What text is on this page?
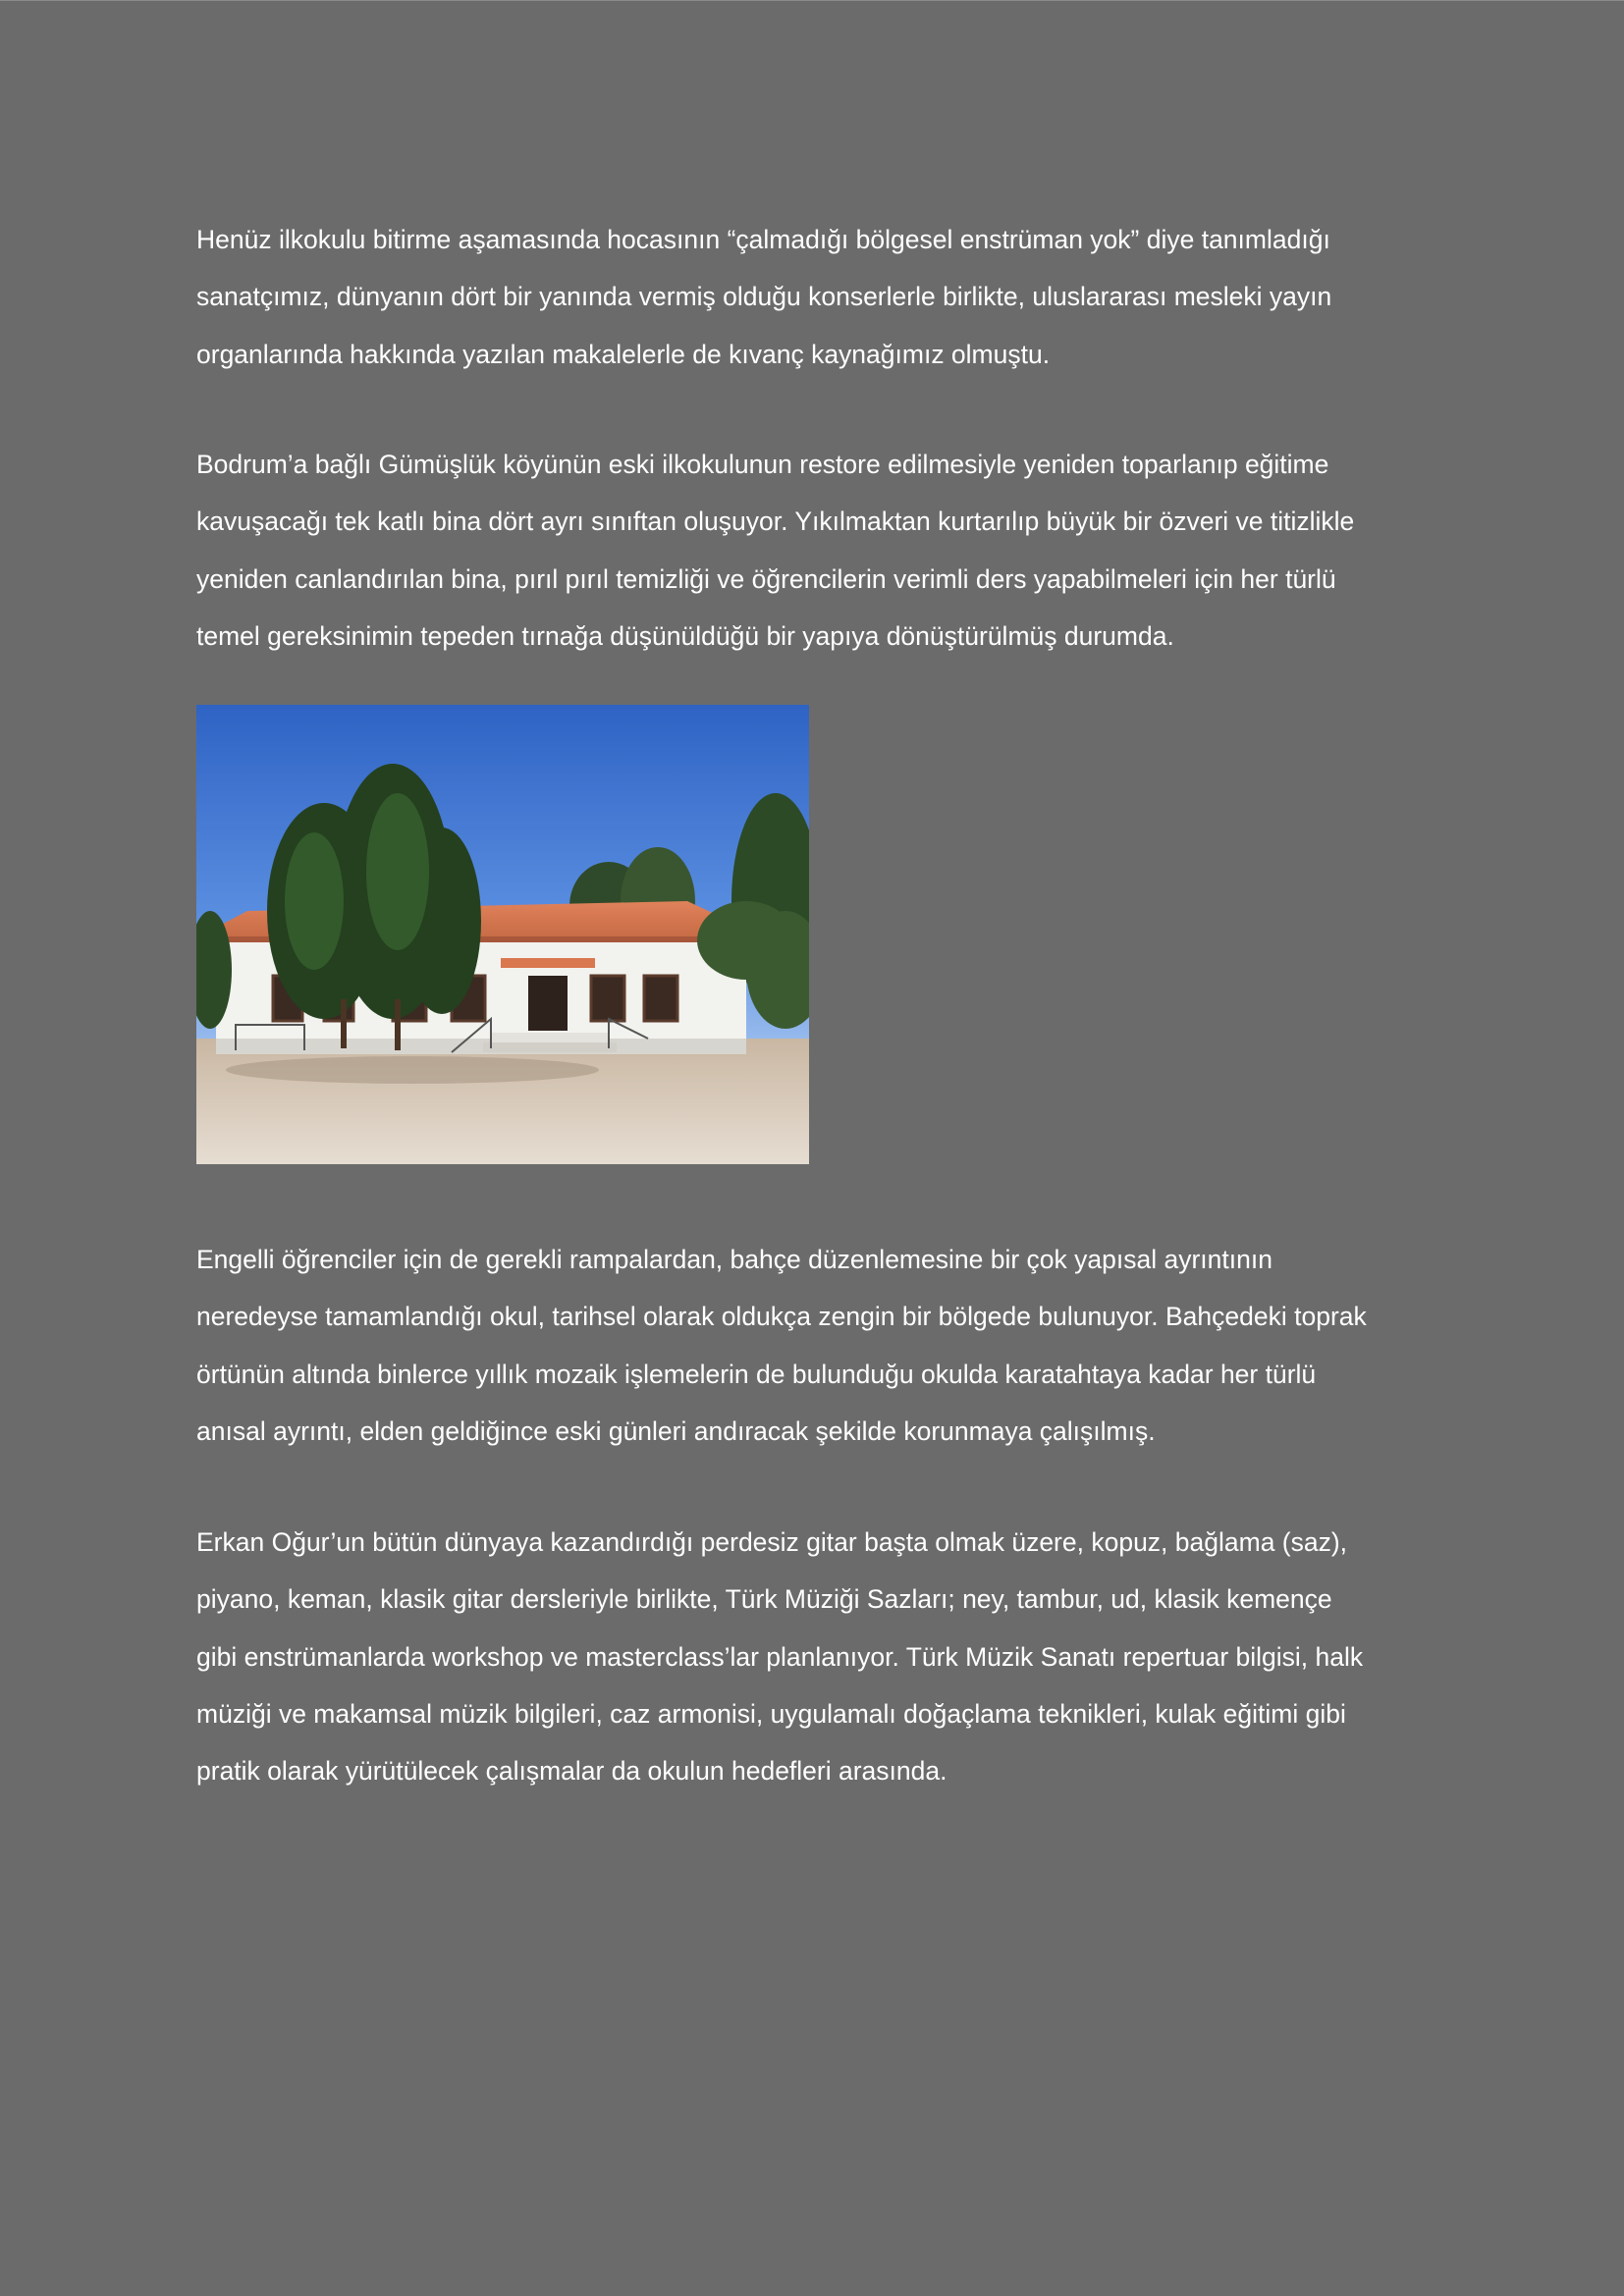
Henüz ilkokulu bitirme aşamasında hocasının “çalmadığı bölgesel enstrüman yok” diye tanımladığı
sanatçımız, dünyanın dört bir yanında vermiş olduğu konserlerle birlikte, uluslararası mesleki yayın
organlarında hakkında yazılan makalelerle de kıvanç kaynağımız olmuştu.

Bodrum’a bağlı Gümüşlük köyünün eski ilkokulunun restore edilmesiyle yeniden toparlanıp eğitime
kavuşacağı tek katlı bina dört ayrı sınıftan oluşuyor. Yıkılmaktan kurtarılıp büyük bir özveri ve titizlikle
yeniden canlandırılan bina, pırıl pırıl temizliği ve öğrencilerin verimli ders yapabilmeleri için her türlü
temel gereksinimin tepeden tırnağa düşünüldüğü bir yapıya dönüştürülmüş durumda.

Engelli öğrenciler için de gerekli rampalardan, bahçe düzenlemesine bir çok yapısal ayrıntının
neredeyse tamamlandığı okul, tarihsel olarak oldukça zengin bir bölgede bulunuyor. Bahçedeki toprak
örtünün altında binlerce yıllık mozaik işlemelerin de bulunduğu okulda karatahtaya kadar her türlü
anısal ayrıntı, elden geldiğince eski günleri andıracak şekilde korunmaya çalışılmış.

Erkan Oğur’un bütün dünyaya kazandırdığı perdesiz gitar başta olmak üzere, kopuz, bağlama (saz),
piyano, keman, klasik gitar dersleriyle birlikte, Türk Müziği Sazları; ney, tambur, ud, klasik kemençe
gibi enstrümanlarda workshop ve masterclass’lar planlanıyor. Türk Müzik Sanatı repertuar bilgisi, halk
müziği ve makamsal müzik bilgileri, caz armonisi, uygulamalı doğaçlama teknikleri, kulak eğitimi gibi
pratik olarak yürütülecek çalışmalar da okulun hedefleri arasında.
